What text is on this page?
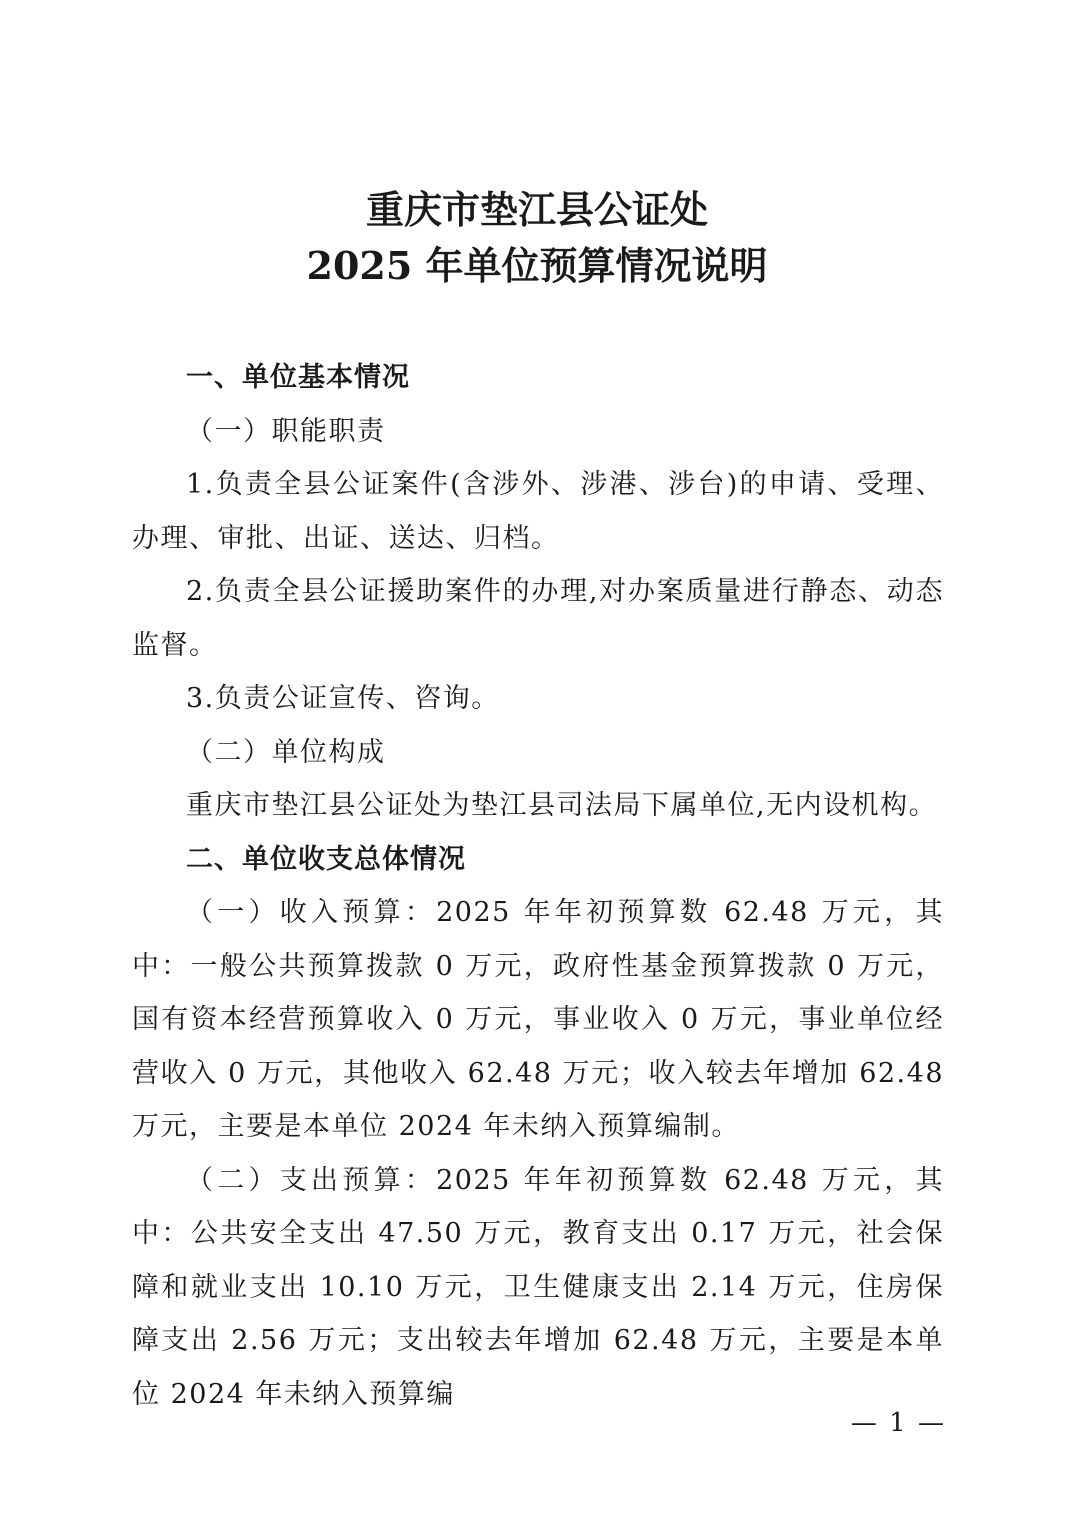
重庆市垫江县公证处
2025 年单位预算情况说明

一、单位基本情况

（一）职能职责

1.负责全县公证案件(含涉外、涉港、涉台)的申请、受理、办理、审批、出证、送达、归档。

2.负责全县公证援助案件的办理,对办案质量进行静态、动态监督。

3.负责公证宣传、咨询。

（二）单位构成

重庆市垫江县公证处为垫江县司法局下属单位,无内设机构。

二、单位收支总体情况

（一）收入预算：2025 年年初预算数 62.48 万元，其中：一般公共预算拨款 0 万元，政府性基金预算拨款 0 万元，国有资本经营预算收入 0 万元，事业收入 0 万元，事业单位经营收入 0 万元，其他收入 62.48 万元；收入较去年增加 62.48 万元，主要是本单位 2024 年未纳入预算编制。

（二）支出预算：2025 年年初预算数 62.48 万元，其中：公共安全支出 47.50 万元，教育支出 0.17 万元，社会保障和就业支出 10.10 万元，卫生健康支出 2.14 万元，住房保障支出 2.56 万元；支出较去年增加 62.48 万元，主要是本单位 2024 年未纳入预算编

— 1 —
